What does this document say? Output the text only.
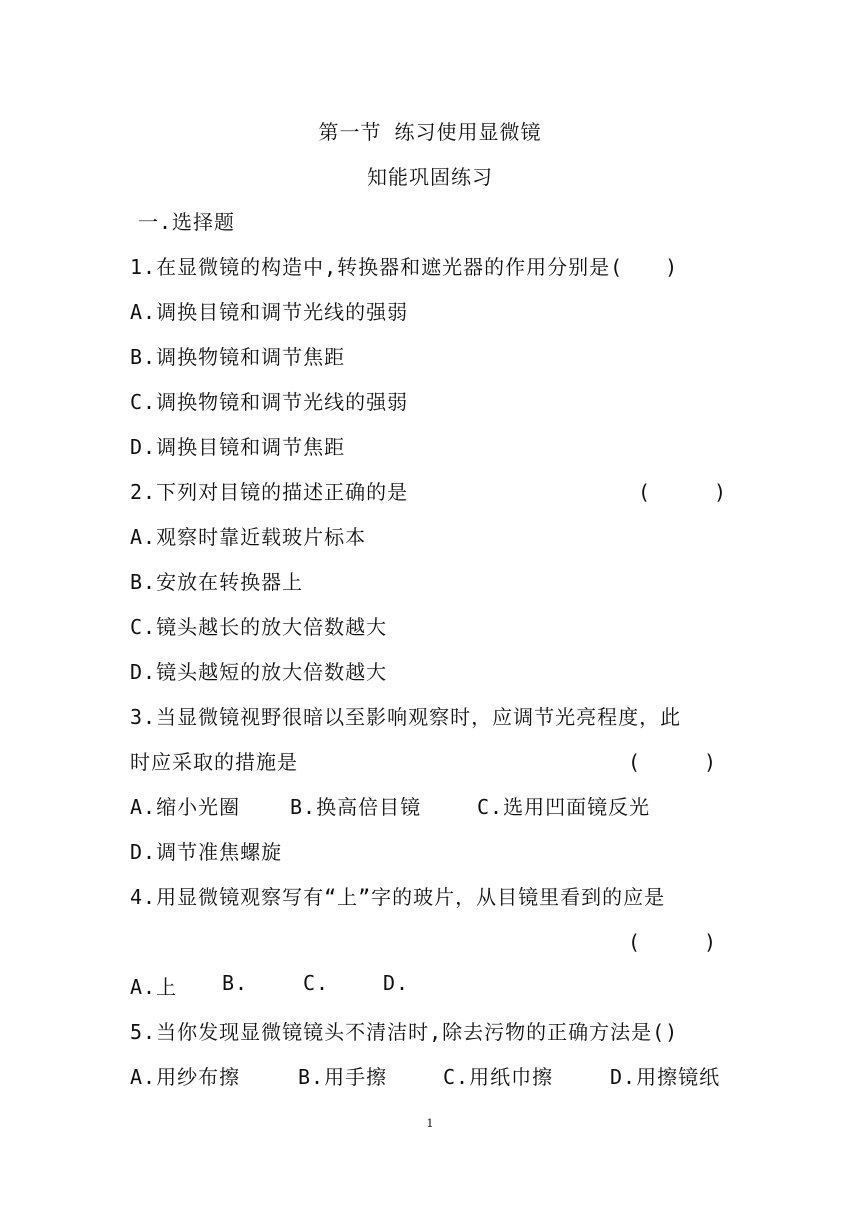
第一节 练习使用显微镜
知能巩固练习
一.选择题
1.在显微镜的构造中,转换器和遮光器的作用分别是(　　)
A.调换目镜和调节光线的强弱
B.调换物镜和调节焦距
C.调换物镜和调节光线的强弱
D.调换目镜和调节焦距
2.下列对目镜的描述正确的是	(　　　)
A.观察时靠近载玻片标本
B.安放在转换器上
C.镜头越长的放大倍数越大
D.镜头越短的放大倍数越大
3.当显微镜视野很暗以至影响观察时，应调节光亮程度，此
时应采取的措施是	(　　　)
A.缩小光圈 B.换高倍目镜	C.选用凹面镜反光
D.调节准焦螺旋
4.用显微镜观察写有“上”字的玻片，从目镜里看到的应是
(　　　)
A.上 B.	C.	D.
5.当你发现显微镜镜头不清洁时,除去污物的正确方法是()
A.用纱布擦	B.用手擦	C.用纸巾擦	D.用擦镜纸
1
